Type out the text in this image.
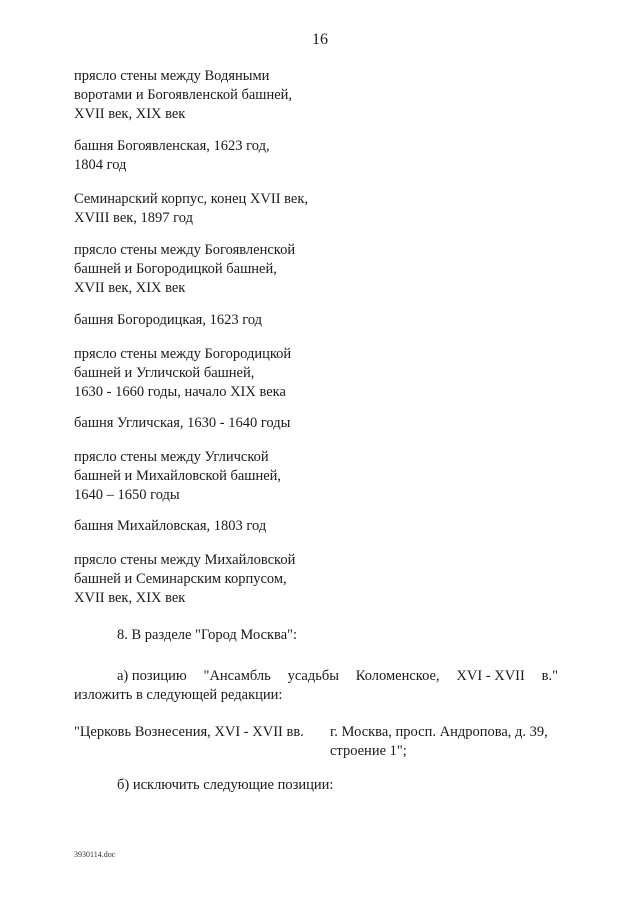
16
прясло стены между Водяными
воротами и Богоявленской башней,
XVII век, XIX век
башня Богоявленская, 1623 год,
1804 год
Семинарский корпус, конец XVII век,
XVIII век, 1897 год
прясло стены между Богоявленской
башней и Богородицкой башней,
XVII век, XIX век
башня Богородицкая, 1623 год
прясло стены между Богородицкой
башней и Угличской башней,
1630 - 1660 годы, начало XIX века
башня Угличская, 1630 - 1640 годы
прясло стены между Угличской
башней и Михайловской башней,
1640 – 1650 годы
башня Михайловская, 1803 год
прясло стены между Михайловской
башней и Семинарским корпусом,
XVII век, XIX век
8. В разделе "Город Москва":
а) позицию "Ансамбль усадьбы Коломенское, XVI - XVII в."
изложить в следующей редакции:
"Церковь Вознесения, XVI - XVII вв. г. Москва, просп. Андропова, д. 39,
строение 1";
б) исключить следующие позиции:
3930114.doc
